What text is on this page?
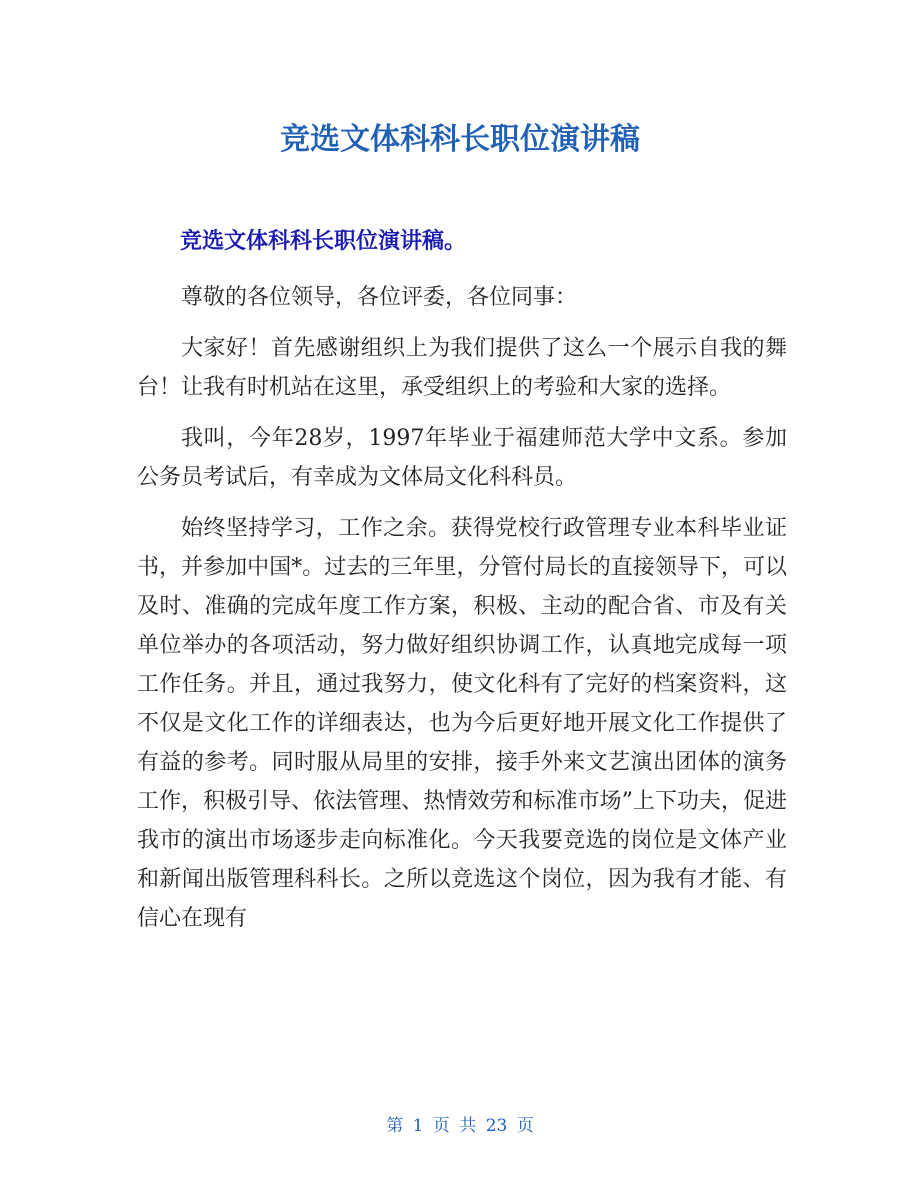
竞选文体科科长职位演讲稿
竞选文体科科长职位演讲稿。

尊敬的各位领导，各位评委，各位同事：

大家好！首先感谢组织上为我们提供了这么一个展示自我的舞台！让我有时机站在这里，承受组织上的考验和大家的选择。

我叫，今年28岁，1997年毕业于福建师范大学中文系。参加公务员考试后，有幸成为文体局文化科科员。

始终坚持学习，工作之余。获得党校行政管理专业本科毕业证书，并参加中国*。过去的三年里，分管付局长的直接领导下，可以及时、准确的完成年度工作方案，积极、主动的配合省、市及有关单位举办的各项活动，努力做好组织协调工作，认真地完成每一项工作任务。并且，通过我努力，使文化科有了完好的档案资料，这不仅是文化工作的详细表达，也为今后更好地开展文化工作提供了有益的参考。同时服从局里的安排，接手外来文艺演出团体的演务工作，积极引导、依法管理、热情效劳和标准市场”上下功夫，促进我市的演出市场逐步走向标准化。今天我要竞选的岗位是文体产业和新闻出版管理科科长。之所以竞选这个岗位，因为我有才能、有信心在现有

第 1 页 共 23 页
